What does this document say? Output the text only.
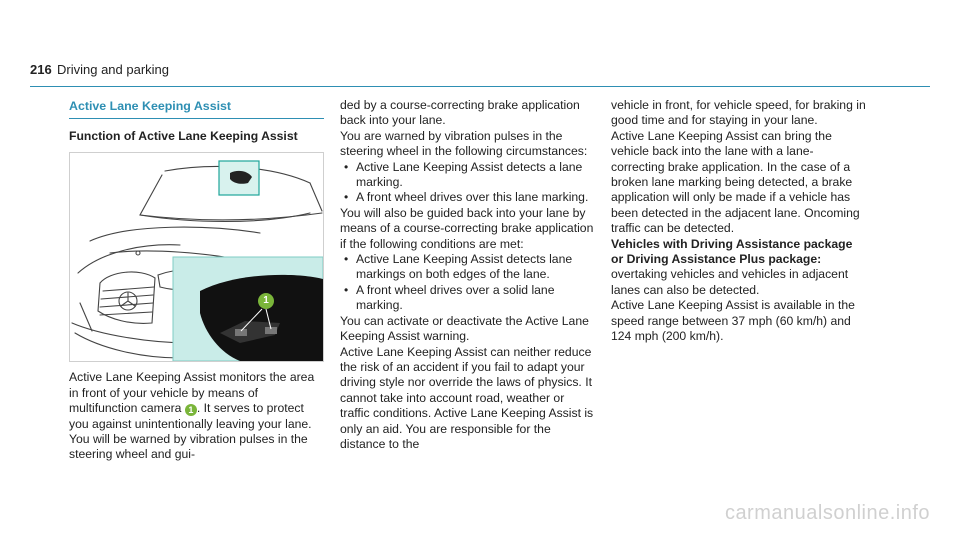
216 Driving and parking
Active Lane Keeping Assist
Function of Active Lane Keeping Assist
1

Active Lane Keeping Assist monitors the area in front of your vehicle by means of multifunction camera 1 . It serves to protect you against unintentionally leaving your lane. You will be warned by vibration pulses in the steering wheel and gui-

ded by a course-correcting brake application back into your lane.

You are warned by vibration pulses in the steering wheel in the following circumstances:

• Active Lane Keeping Assist detects a lane marking.
• A front wheel drives over this lane marking.

You will also be guided back into your lane by means of a course-correcting brake application if the following conditions are met:

• Active Lane Keeping Assist detects lane markings on both edges of the lane.
• A front wheel drives over a solid lane marking.

You can activate or deactivate the Active Lane Keeping Assist warning.

Active Lane Keeping Assist can neither reduce the risk of an accident if you fail to adapt your driving style nor override the laws of physics. It cannot take into account road, weather or traffic conditions. Active Lane Keeping Assist is only an aid. You are responsible for the distance to the

vehicle in front, for vehicle speed, for braking in good time and for staying in your lane.

Active Lane Keeping Assist can bring the vehicle back into the lane with a lane-correcting brake application. In the case of a broken lane marking being detected, a brake application will only be made if a vehicle has been detected in the adjacent lane. Oncoming traffic can be detected.

Vehicles with Driving Assistance package or Driving Assistance Plus package: overtaking vehicles and vehicles in adjacent lanes can also be detected.

Active Lane Keeping Assist is available in the speed range between 37 mph (60 km/h) and 124 mph (200 km/h).

carmanualsonline.info
